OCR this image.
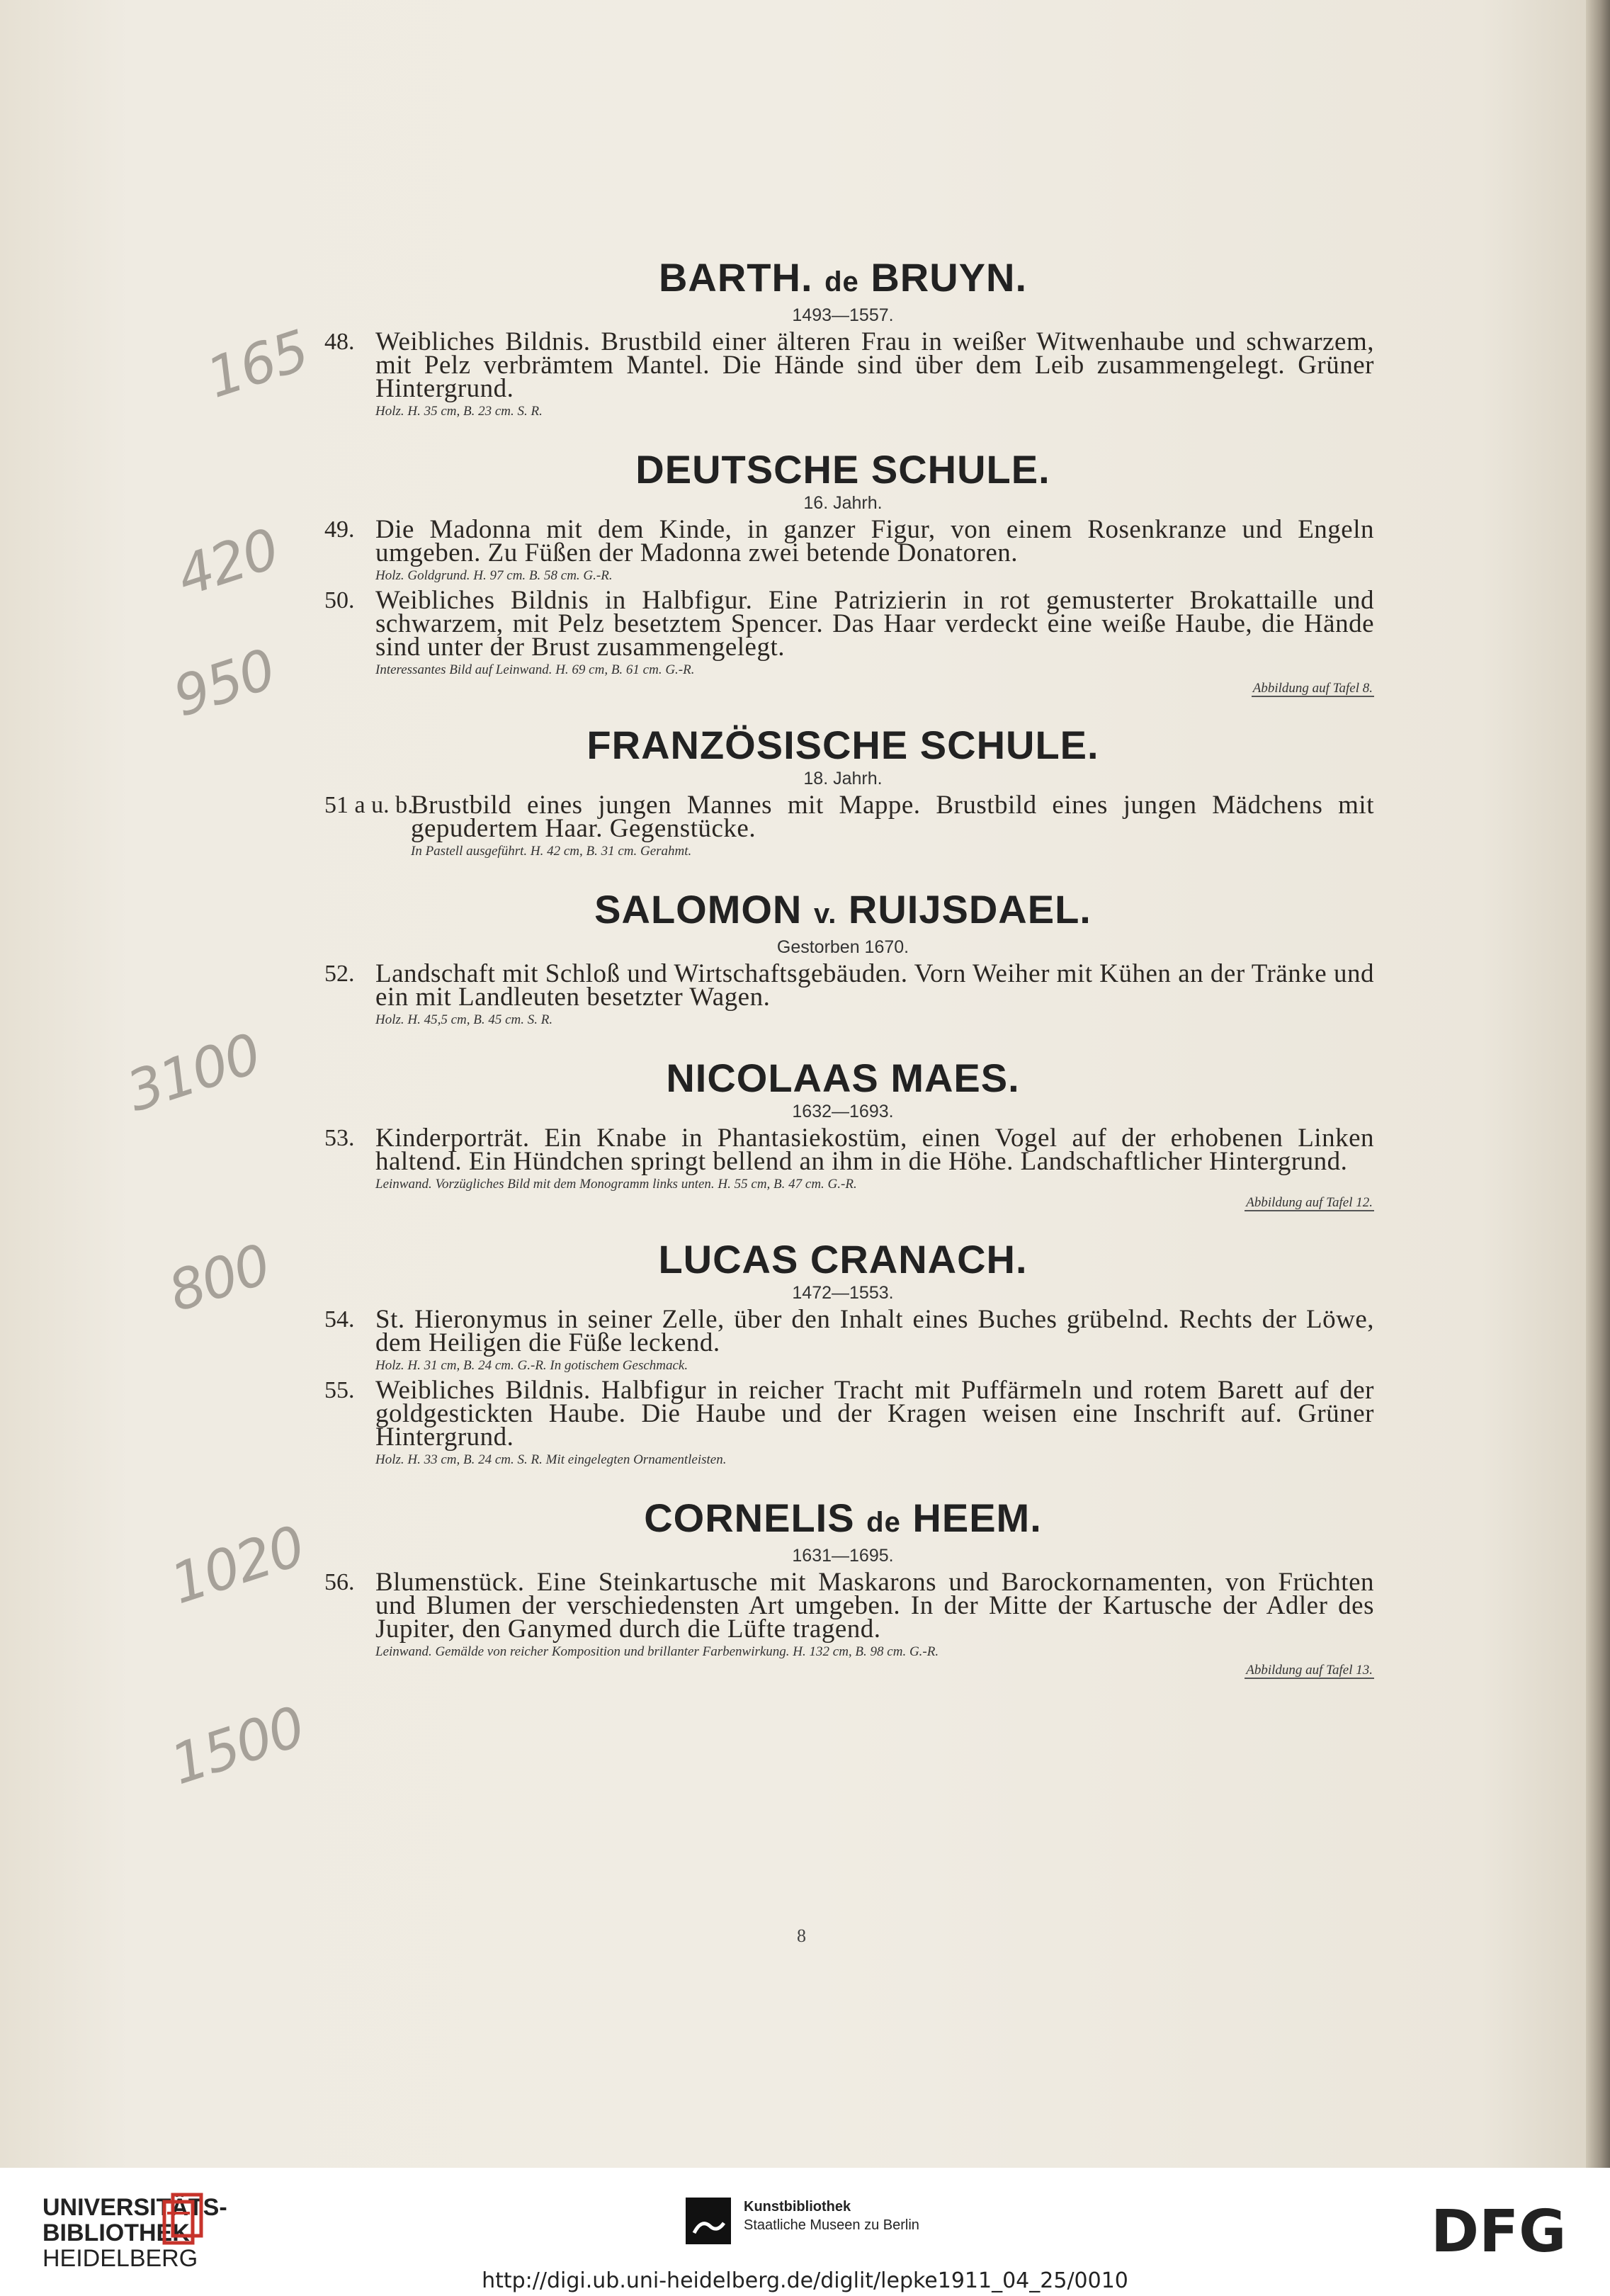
165
420
950
3100
800
1020
1500
BARTH. de BRUYN.
1493—1557.
48. Weibliches Bildnis. Brustbild einer älteren Frau in weißer Witwenhaube und schwarzem, mit Pelz verbrämtem Mantel. Die Hände sind über dem Leib zusammengelegt. Grüner Hintergrund.

Holz. H. 35 cm, B. 23 cm. S. R.
DEUTSCHE SCHULE.
16. Jahrh.
49. Die Madonna mit dem Kinde, in ganzer Figur, von einem Rosenkranze und Engeln umgeben. Zu Füßen der Madonna zwei betende Donatoren.

Holz. Goldgrund. H. 97 cm. B. 58 cm. G.-R.
50. Weibliches Bildnis in Halbfigur. Eine Patrizierin in rot gemusterter Brokattaille und schwarzem, mit Pelz besetztem Spencer. Das Haar verdeckt eine weiße Haube, die Hände sind unter der Brust zusammengelegt.

Interessantes Bild auf Leinwand. H. 69 cm, B. 61 cm. G.-R.
Abbildung auf Tafel 8.
FRANZÖSISCHE SCHULE.
18. Jahrh.
51 a u. b.

Brustbild eines jungen Mannes mit Mappe. Brustbild eines jungen Mädchens mit gepudertem Haar. Gegenstücke.

In Pastell ausgeführt. H. 42 cm, B. 31 cm. Gerahmt.
SALOMON v. RUIJSDAEL.
Gestorben 1670.
52. Landschaft mit Schloß und Wirtschaftsgebäuden. Vorn Weiher mit Kühen an der Tränke und ein mit Landleuten besetzter Wagen.

Holz. H. 45,5 cm, B. 45 cm. S. R.
NICOLAAS MAES.
1632—1693.
53. Kinderporträt. Ein Knabe in Phantasiekostüm, einen Vogel auf der erhobenen Linken haltend. Ein Hündchen springt bellend an ihm in die Höhe. Landschaftlicher Hintergrund.

Leinwand. Vorzügliches Bild mit dem Monogramm links unten. H. 55 cm, B. 47 cm. G.-R.
Abbildung auf Tafel 12.
LUCAS CRANACH.
1472—1553.
54. St. Hieronymus in seiner Zelle, über den Inhalt eines Buches grübelnd. Rechts der Löwe, dem Heiligen die Füße leckend.

Holz. H. 31 cm, B. 24 cm. G.-R. In gotischem Geschmack.
55. Weibliches Bildnis. Halbfigur in reicher Tracht mit Puffärmeln und rotem Barett auf der goldgestickten Haube. Die Haube und der Kragen weisen eine Inschrift auf. Grüner Hintergrund.

Holz. H. 33 cm, B. 24 cm. S. R. Mit eingelegten Ornamentleisten.
CORNELIS de HEEM.
1631—1695.
56. Blumenstück. Eine Steinkartusche mit Maskarons und Barockornamenten, von Früchten und Blumen der verschiedensten Art umgeben. In der Mitte der Kartusche der Adler des Jupiter, den Ganymed durch die Lüfte tragend.

Leinwand. Gemälde von reicher Komposition und brillanter Farbenwirkung. H. 132 cm, B. 98 cm. G.-R.
Abbildung auf Tafel 13.
8
UNIVERSITÄTS-
BIBLIOTHEK
HEIDELBERG
Kunstbibliothek
Staatliche Museen zu Berlin	DFG
http://digi.ub.uni-heidelberg.de/diglit/lepke1911_04_25/0010
